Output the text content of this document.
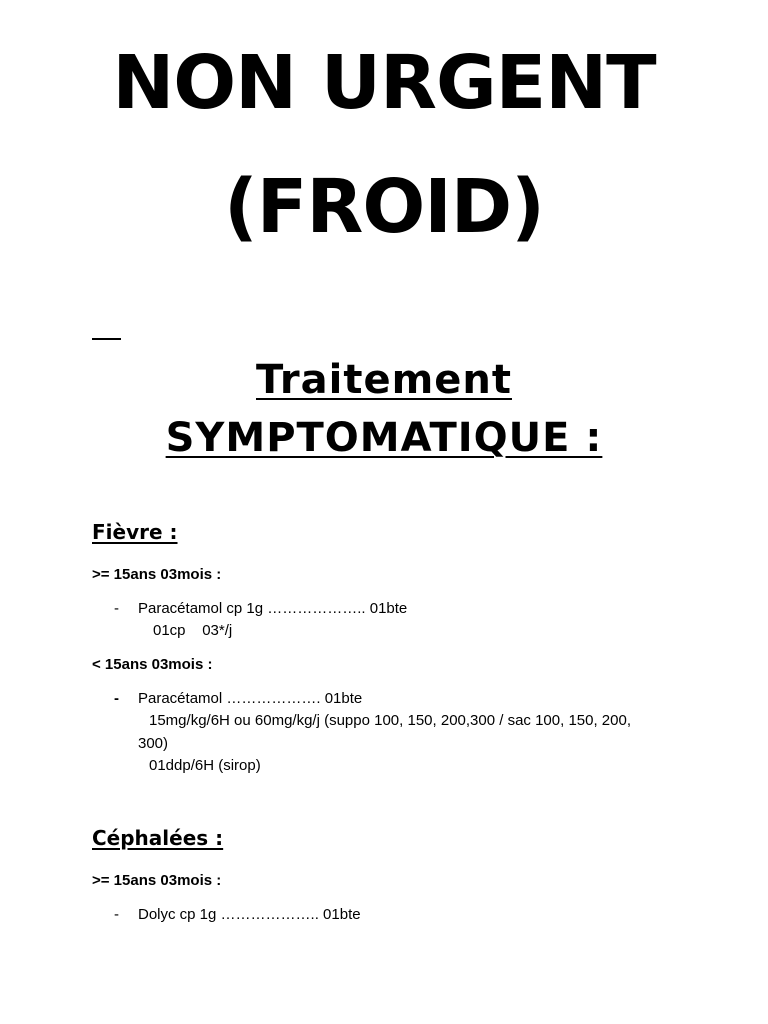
NON URGENT
(FROID)
Traitement
SYMPTOMATIQUE :
Fièvre :
>= 15ans 03mois :
- Paracétamol cp 1g ……………….. 01bte
01cp    03*/j
< 15ans 03mois :
- Paracétamol ………………. 01bte
15mg/kg/6H ou 60mg/kg/j (suppo 100, 150, 200,300 / sac 100, 150, 200,
300)
01ddp/6H (sirop)
Céphalées :
>= 15ans 03mois :
- Dolyc cp 1g ……………….. 01bte
